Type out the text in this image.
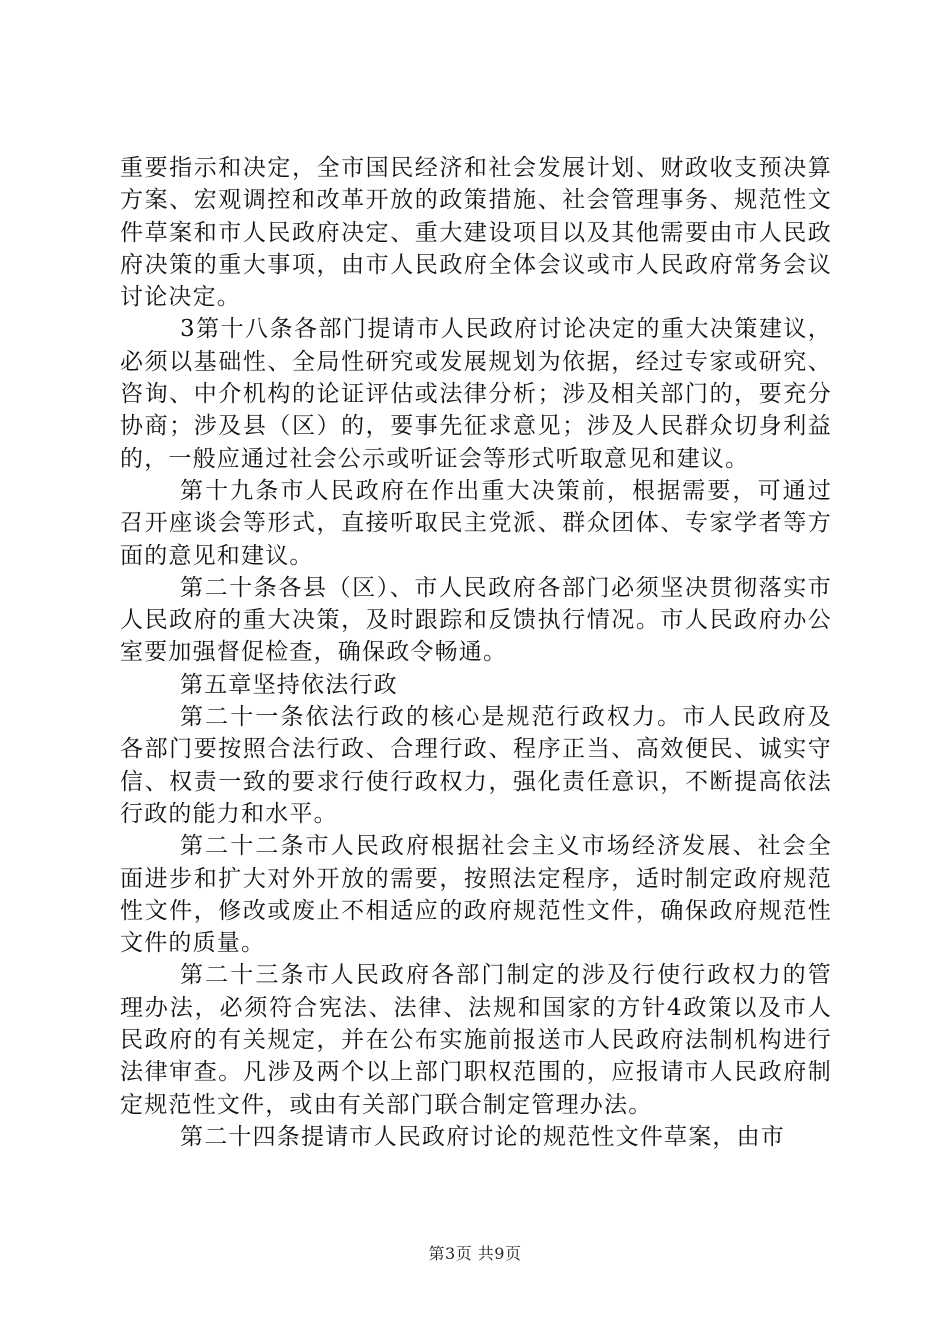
重要指示和决定，全市国民经济和社会发展计划、财政收支预决算方案、宏观调控和改革开放的政策措施、社会管理事务、规范性文件草案和市人民政府决定、重大建设项目以及其他需要由市人民政府决策的重大事项，由市人民政府全体会议或市人民政府常务会议讨论决定。

3第十八条各部门提请市人民政府讨论决定的重大决策建议，必须以基础性、全局性研究或发展规划为依据，经过专家或研究、咨询、中介机构的论证评估或法律分析；涉及相关部门的，要充分协商；涉及县（区）的，要事先征求意见；涉及人民群众切身利益的，一般应通过社会公示或听证会等形式听取意见和建议。

第十九条市人民政府在作出重大决策前，根据需要，可通过召开座谈会等形式，直接听取民主党派、群众团体、专家学者等方面的意见和建议。

第二十条各县（区）、市人民政府各部门必须坚决贯彻落实市人民政府的重大决策，及时跟踪和反馈执行情况。市人民政府办公室要加强督促检查，确保政令畅通。

第五章坚持依法行政

第二十一条依法行政的核心是规范行政权力。市人民政府及各部门要按照合法行政、合理行政、程序正当、高效便民、诚实守信、权责一致的要求行使行政权力，强化责任意识，不断提高依法行政的能力和水平。

第二十二条市人民政府根据社会主义市场经济发展、社会全面进步和扩大对外开放的需要，按照法定程序，适时制定政府规范性文件，修改或废止不相适应的政府规范性文件，确保政府规范性文件的质量。

第二十三条市人民政府各部门制定的涉及行使行政权力的管理办法，必须符合宪法、法律、法规和国家的方针4政策以及市人民政府的有关规定，并在公布实施前报送市人民政府法制机构进行法律审查。凡涉及两个以上部门职权范围的，应报请市人民政府制定规范性文件，或由有关部门联合制定管理办法。

第二十四条提请市人民政府讨论的规范性文件草案，由市

第3页 共9页
